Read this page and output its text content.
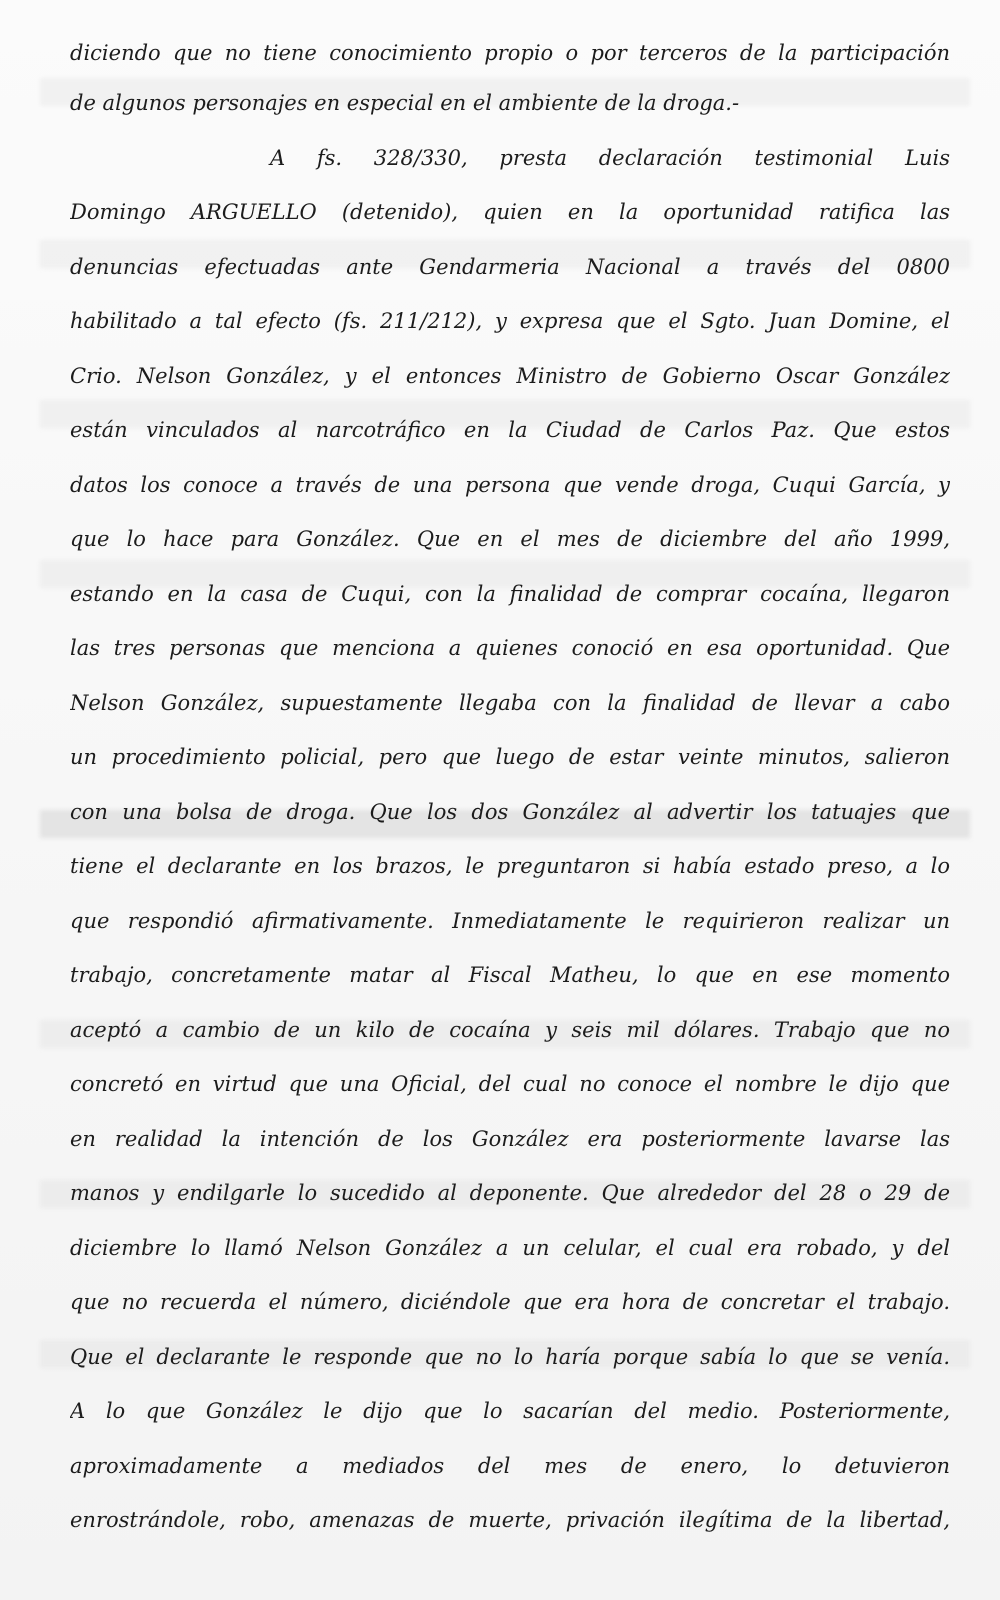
diciendo que no tiene conocimiento propio o por terceros de la participación
de algunos personajes en especial en el ambiente de la droga.-
A fs. 328/330, presta declaración testimonial Luis
Domingo ARGUELLO (detenido), quien en la oportunidad ratifica las
denuncias efectuadas ante Gendarmeria Nacional a través del 0800
habilitado a tal efecto (fs. 211/212), y expresa que el Sgto. Juan Domine, el
Crio. Nelson González, y el entonces Ministro de Gobierno Oscar González
están vinculados al narcotráfico en la Ciudad de Carlos Paz. Que estos
datos los conoce a través de una persona que vende droga, Cuqui García, y
que lo hace para González. Que en el mes de diciembre del año 1999,
estando en la casa de Cuqui, con la finalidad de comprar cocaína, llegaron
las tres personas que menciona a quienes conoció en esa oportunidad. Que
Nelson González, supuestamente llegaba con la finalidad de llevar a cabo
un procedimiento policial, pero que luego de estar veinte minutos, salieron
con una bolsa de droga. Que los dos González al advertir los tatuajes que
tiene el declarante en los brazos, le preguntaron si había estado preso, a lo
que respondió afirmativamente. Inmediatamente le requirieron realizar un
trabajo, concretamente matar al Fiscal Matheu, lo que en ese momento
aceptó a cambio de un kilo de cocaína y seis mil dólares. Trabajo que no
concretó en virtud que una Oficial, del cual no conoce el nombre le dijo que
en realidad la intención de los González era posteriormente lavarse las
manos y endilgarle lo sucedido al deponente. Que alrededor del 28 o 29 de
diciembre lo llamó Nelson González a un celular, el cual era robado, y del
que no recuerda el número, diciéndole que era hora de concretar el trabajo.
Que el declarante le responde que no lo haría porque sabía lo que se venía.
A lo que González le dijo que lo sacarían del medio. Posteriormente,
aproximadamente a mediados del mes de enero, lo detuvieron
enrostrándole, robo, amenazas de muerte, privación ilegítima de la libertad,
